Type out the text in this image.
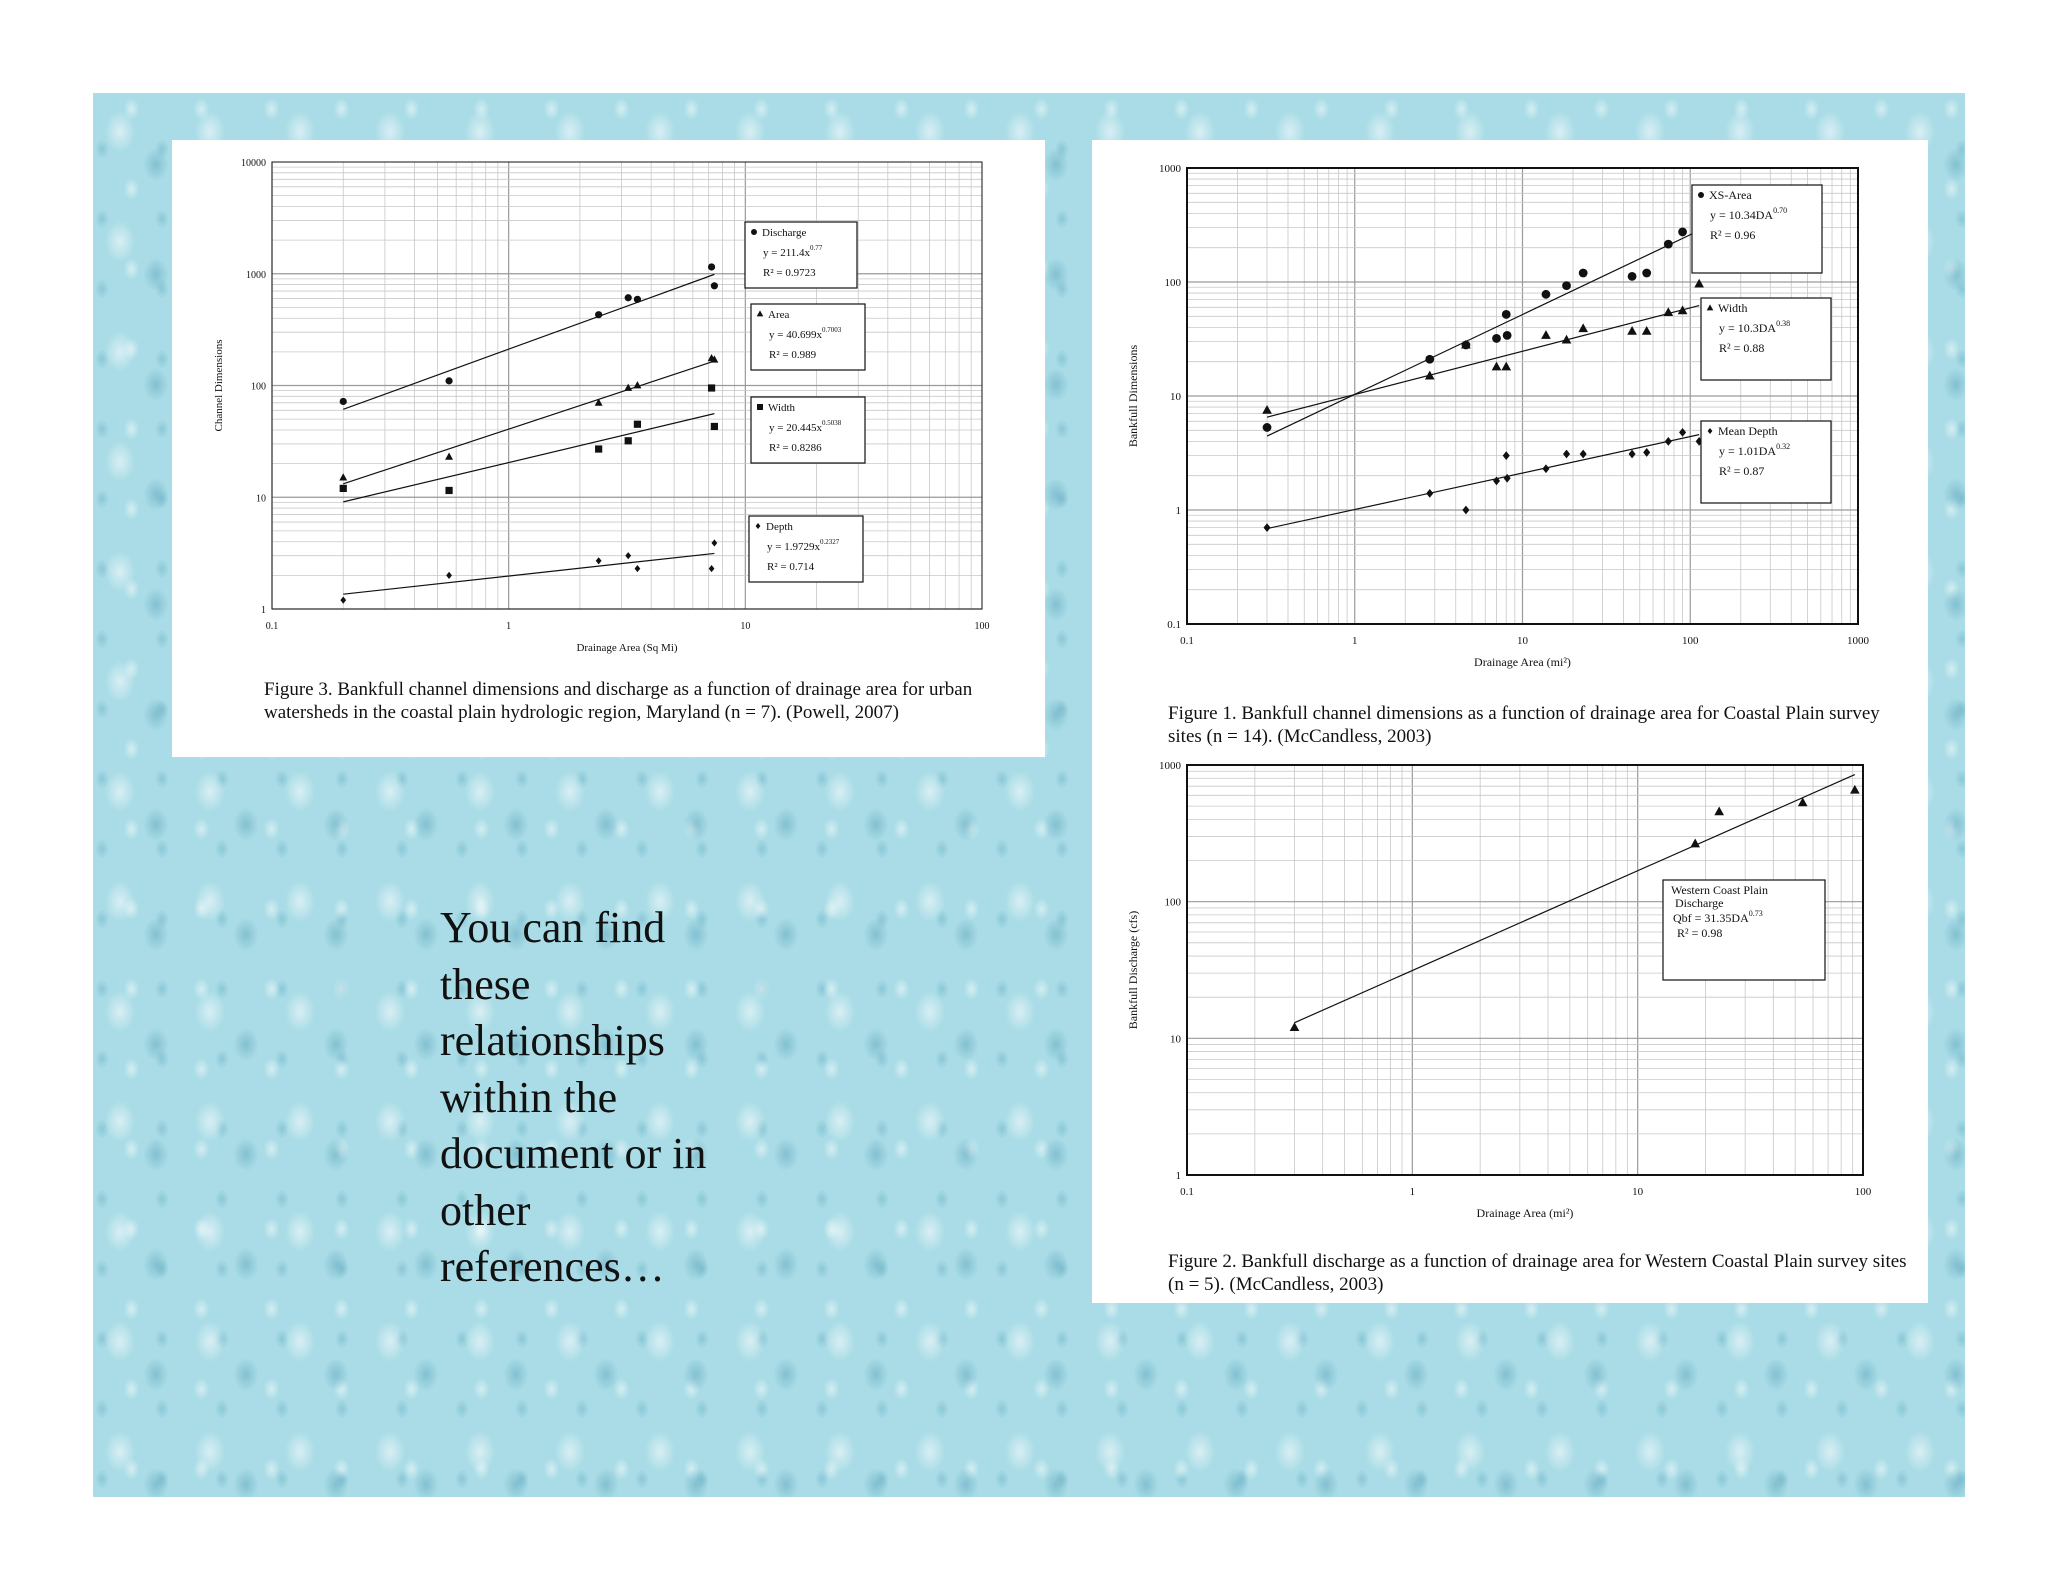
0.1	1	10	100
1
10
100
1000
10000
Drainage Area (Sq Mi)
Channel Dimensions
Discharge
$y = 211.4x^{0.77}$
R² = 0.9723
Area
$y = 40.699x^{0.7003}$
R² = 0.989
Width
$y = 20.445x^{0.5038}$
R² = 0.8286
Depth
$y = 1.9729x^{0.2327}$
R² = 0.714
0.1	1	10	100	1000
0.1
1
10
100
1000
Drainage Area (mi²)
Bankfull Dimensions
XS-Area
$y = 10.34DA^{0.70}$
R² = 0.96
Width
$y = 10.3DA^{0.38}$
R² = 0.88
Mean Depth
$y = 1.01DA^{0.32}$
R² = 0.87
0.1	1	10	100
1
10
100
1000
Drainage Area (mi²)
Bankfull Discharge (cfs)
Western Coast Plain
Discharge
Qbf = $31.35DA^{0.73}$
R² = 0.98
Figure 3. Bankfull channel dimensions and discharge as a function of drainage area for urban watersheds in the coastal plain hydrologic region, Maryland (n = 7). (Powell, 2007)	Figure 1. Bankfull channel dimensions as a function of drainage area for Coastal Plain survey sites (n = 14). (McCandless, 2003)
Figure 2. Bankfull discharge as a function of drainage area for Western Coastal Plain survey sites (n = 5). (McCandless, 2003)
You can find
these
relationships
within the
document or in
other
references…
